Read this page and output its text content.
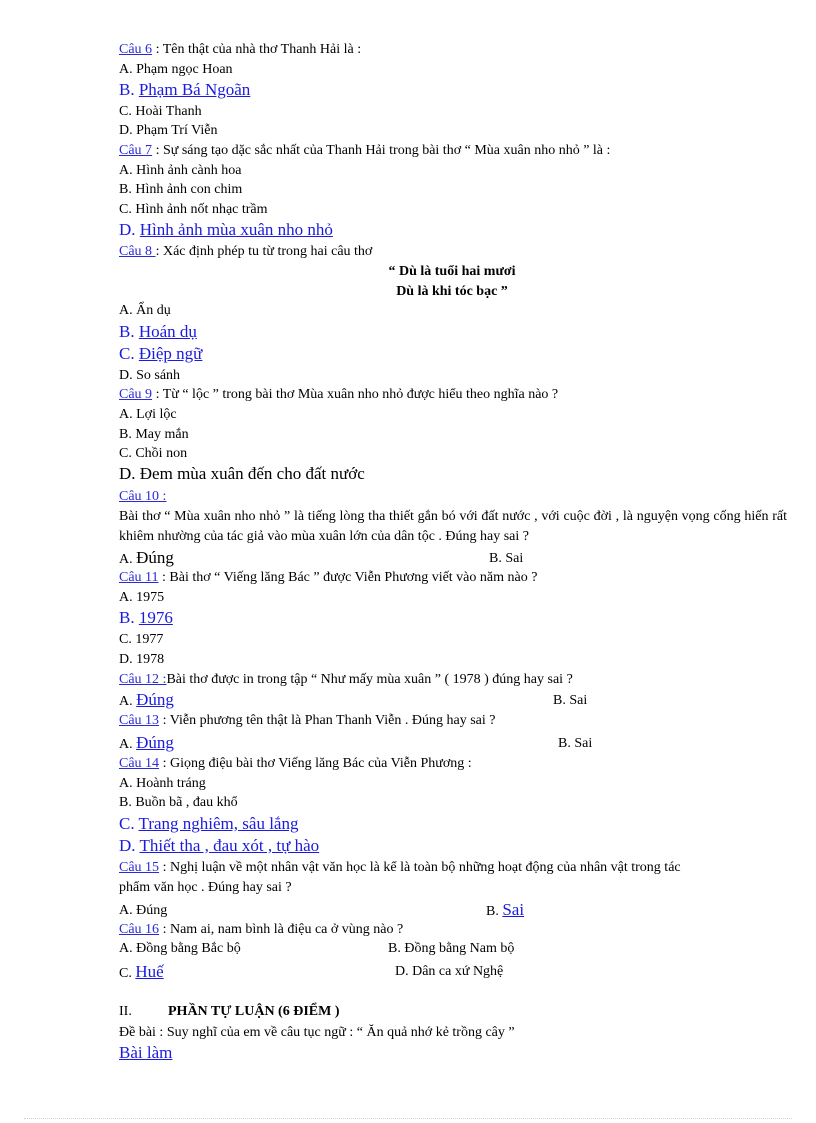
Câu 6 : Tên thật của nhà thơ Thanh Hải là :
A. Phạm ngọc Hoan
B. Phạm Bá Ngoãn
C. Hoài Thanh
D. Phạm Trí Viễn
Câu 7 : Sự sáng tạo dặc sắc nhất của Thanh Hải trong bài thơ “ Mùa xuân nho nhỏ ” là :
A. Hình ảnh cành hoa
B. Hình ảnh con chim
C. Hình ảnh nốt nhạc trầm
D. Hình ảnh mùa xuân nho nhỏ
Câu 8 : Xác định phép tu từ trong hai câu thơ
“ Dù là tuổi hai mươi
Dù là khi tóc bạc ”
A. Ẩn dụ
B. Hoán dụ
C. Điệp ngữ
D. So sánh
Câu 9 : Từ “ lộc ” trong bài thơ Mùa xuân nho nhỏ được hiểu theo nghĩa nào ?
A. Lợi lộc
B. May mắn
C. Chồi non
D. Đem mùa xuân đến cho đất nước
Câu 10 :
Bài thơ “ Mùa xuân nho nhỏ ” là tiếng lòng tha thiết gắn bó với đất nước , với cuộc đời , là nguyện vọng cống hiến rất khiêm nhường của tác giả vào mùa xuân lớn của dân tộc . Đúng hay sai ?
A. Đúng	B. Sai
Câu 11 : Bài thơ “ Viếng lăng Bác ” được Viễn Phương viết vào năm nào ?
A. 1975
B. 1976
C. 1977
D. 1978
Câu 12 :Bài thơ được in trong tập “ Như mấy mùa xuân ” ( 1978 ) đúng hay sai ?
A. Đúng	B. Sai
Câu 13 : Viễn phương tên thật là Phan Thanh Viễn . Đúng hay sai ?
A. Đúng	B. Sai
Câu 14 : Giọng điệu bài thơ Viếng lăng Bác của Viễn Phương :
A. Hoành tráng
B. Buồn bã , đau khổ
C. Trang nghiêm, sâu lắng
D. Thiết tha , đau xót , tự hào
Câu 15 : Nghị luận về một nhân vật văn học là kể là toàn bộ những hoạt động của nhân vật trong tác
phẩm văn học . Đúng hay sai ?
A. Đúng	B. Sai
Câu 16 : Nam ai, nam bình là điệu ca ở vùng nào ?
A. Đồng bằng Bắc bộ	B. Đồng bằng Nam bộ
C. Huế	D. Dân ca xứ Nghệ
II.	PHẦN TỰ LUẬN (6 ĐIỂM )
Đề bài : Suy nghĩ của em về câu tục ngữ : “ Ăn quả nhớ kẻ trồng cây ”
Bài làm
